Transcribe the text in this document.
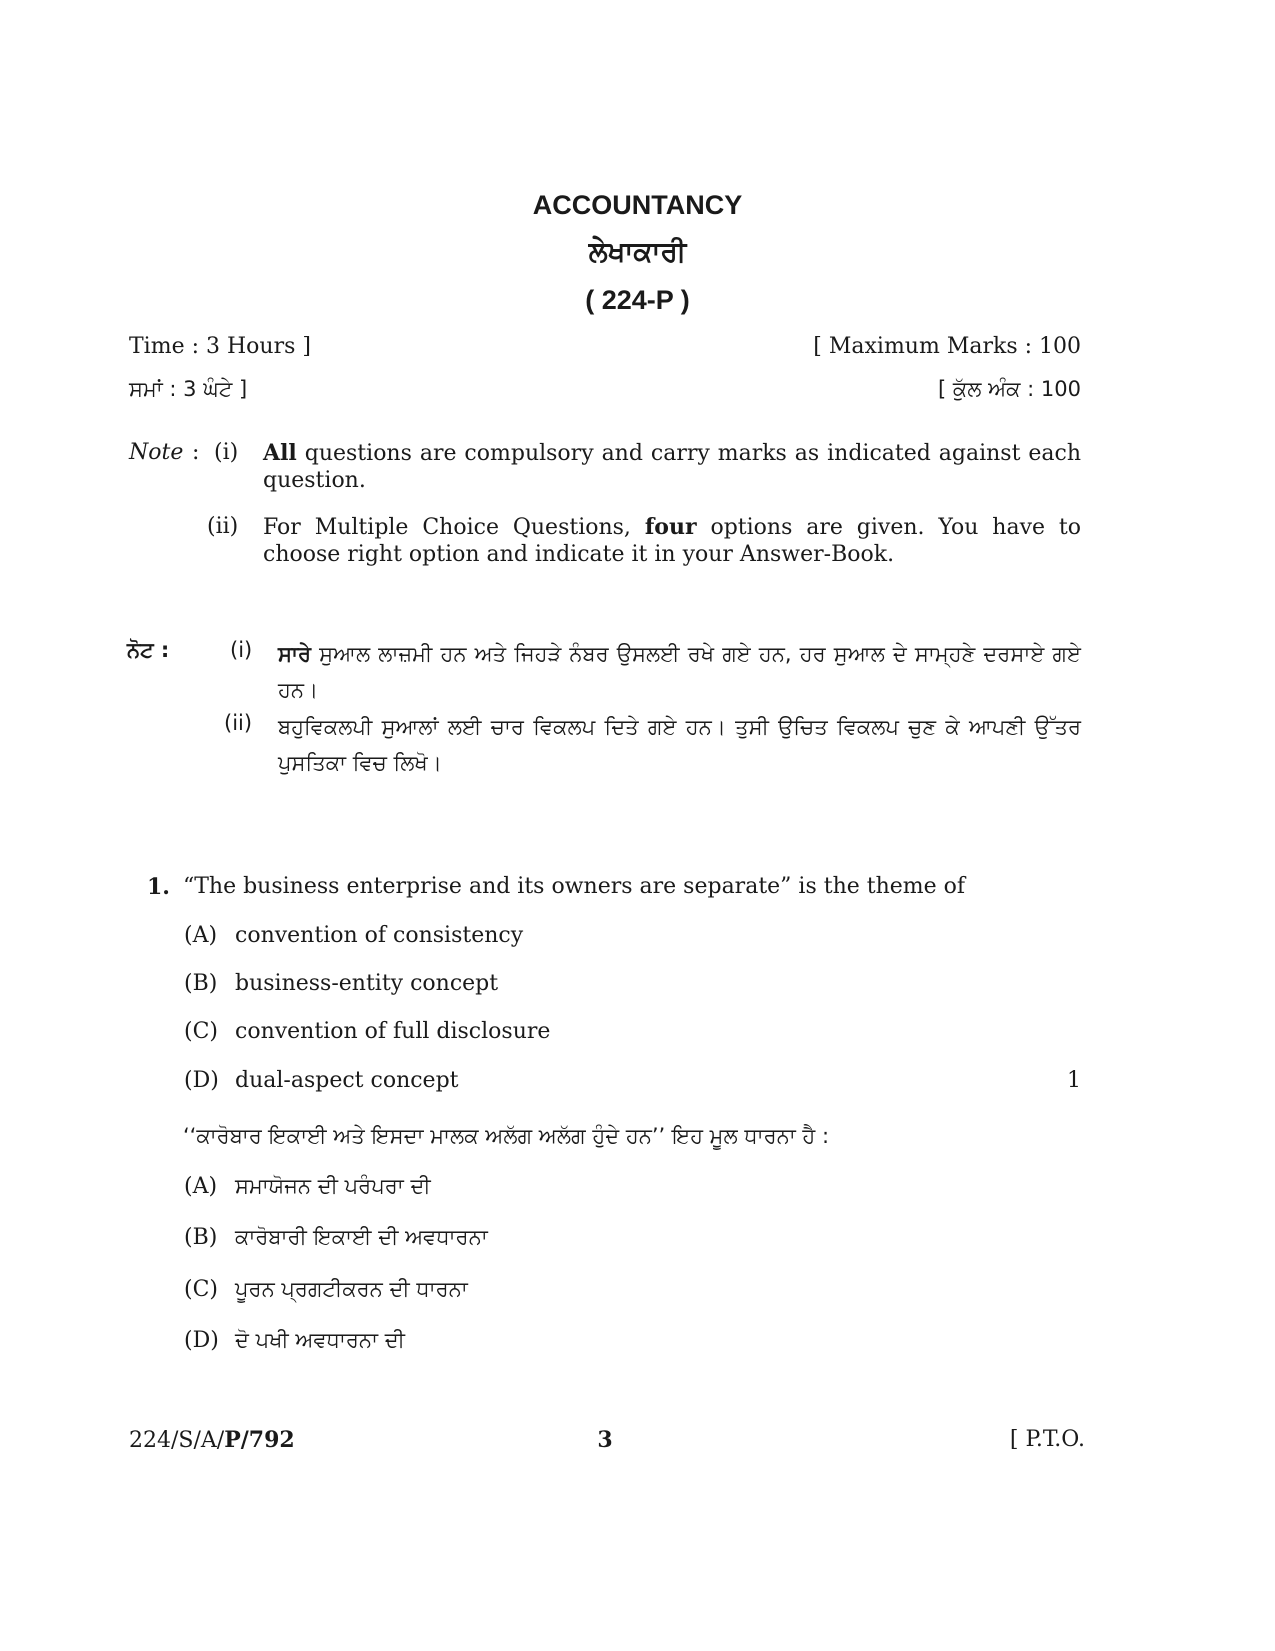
ACCOUNTANCY
ਲੇਖਾਕਾਰੀ
( 224-P )
Time : 3 Hours ]	[ Maximum Marks : 100
ਸਮਾਂ : 3 ਘੰਟੇ ]	[ ਕੁੱਲ ਅੰਕ : 100
Note : (i) All questions are compulsory and carry marks as indicated against each question.
(ii) For Multiple Choice Questions, four options are given. You have to choose right option and indicate it in your Answer-Book.
ਨੋਟ :	(i) ਸਾਰੇ ਸੁਆਲ ਲਾਜ਼ਮੀ ਹਨ ਅਤੇ ਜਿਹੜੇ ਨੰਬਰ ਉਸਲਈ ਰਖੇ ਗਏ ਹਨ, ਹਰ ਸੁਆਲ ਦੇ ਸਾਮ੍ਹਣੇ ਦਰਸਾਏ ਗਏ ਹਨ।
(ii) ਬਹੁਵਿਕਲਪੀ ਸੁਆਲਾਂ ਲਈ ਚਾਰ ਵਿਕਲਪ ਦਿਤੇ ਗਏ ਹਨ। ਤੁਸੀ ਉਚਿਤ ਵਿਕਲਪ ਚੁਣ ਕੇ ਆਪਣੀ ਉੱਤਰ ਪੁਸਤਿਕਾ ਵਿਚ ਲਿਖੋ।
1. “The business enterprise and its owners are separate” is the theme of
(A) convention of consistency
(B) business-entity concept
(C) convention of full disclosure
(D) dual-aspect concept	1
‘‘ਕਾਰੋਬਾਰ ਇਕਾਈ ਅਤੇ ਇਸਦਾ ਮਾਲਕ ਅਲੱਗ ਅਲੱਗ ਹੁੰਦੇ ਹਨ’’ ਇਹ ਮੂਲ ਧਾਰਨਾ ਹੈ :
(A) ਸਮਾਯੋਜਨ ਦੀ ਪਰੰਪਰਾ ਦੀ
(B) ਕਾਰੋਬਾਰੀ ਇਕਾਈ ਦੀ ਅਵਧਾਰਨਾ
(C) ਪੂਰਨ ਪ੍ਰਗਟੀਕਰਨ ਦੀ ਧਾਰਨਾ
(D) ਦੋ ਪਖੀ ਅਵਧਾਰਨਾ ਦੀ
224/S/A/P/792	3	[ P.T.O.
